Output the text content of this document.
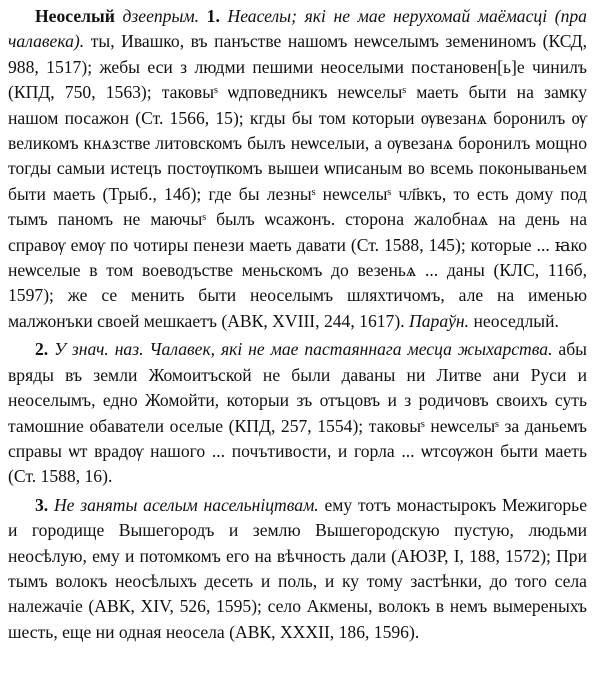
Неоселый дзеепрым. 1. Неаселы; які не мае нерухомай маёмасці (пра чалавека). ты, Ивашко, въ панъстве нашомъ неѡселымъ земениномъ (КСД, 988, 1517); жебы еси з людми пешими неоселыми постановен[ь]е чинилъ (КПД, 750, 1563); таковыˢ ѡдповедникъ неѡселыˢ маеть быти на замку нашом посажон (Ст. 1566, 15); кгды бы том которыи ѹвезанѧ боронилъ ѹ великомъ кнѧзстве литовскомъ былъ неѡселыи, а ѹвезанѧ боронилъ мощно тогды самыи истецъ постѹпкомъ вышеи ѡписаным во всемь поконываньем быти маеть (Трыб., 14б); где бы лезныˢ неѡселыˢ чл҃вкъ, то есть дому под тымъ паномъ не маючыˢ былъ ѡсажонъ. сторона жалобнаѧ на день на справѹ емѹ по чотиры пенези маеть давати (Ст. 1588, 145); которые ... ꙗко неѡселые в том воеводъстве меньскомъ до везеньѧ ... даны (КЛС, 116б, 1597); же се менить быти неоселымъ шляхтичомъ, але на именью малжонъки своей мешкаетъ (АВК, XVIII, 244, 1617). Параўн. неоседлый.

2. У знач. наз. Чалавек, які не мае пастаяннага месца жыхарства. абы вряды въ земли Жомоитъской не были даваны ни Литве ани Руси и неоселымъ, едно Жомойти, которыи зъ отъцовъ и з родичовъ своихъ суть тамошние обаватели оселые (КПД, 257, 1554); таковыˢ неѡселыˢ за даньемъ справы ѡт врадѹ нашого ... почътивости, и горла ... ѡтсѹжон быти маеть (Ст. 1588, 16).

3. Не заняты аселым насельніцтвам. ему тотъ монастырокъ Межигорье и городище Вышегородъ и землю Вышегородскую пустую, людьми неосѣлую, ему и потомкомъ его на вѣчность дали (АЮЗР, I, 188, 1572); При тымъ волокъ неосѣлыхъ десеть и поль, и ку тому застѣнки, до того села належачіе (АВК, XIV, 526, 1595); село Акмены, волокъ в немъ вымереныхъ шесть, еще ни одная неосела (АВК, XXXII, 186, 1596).
